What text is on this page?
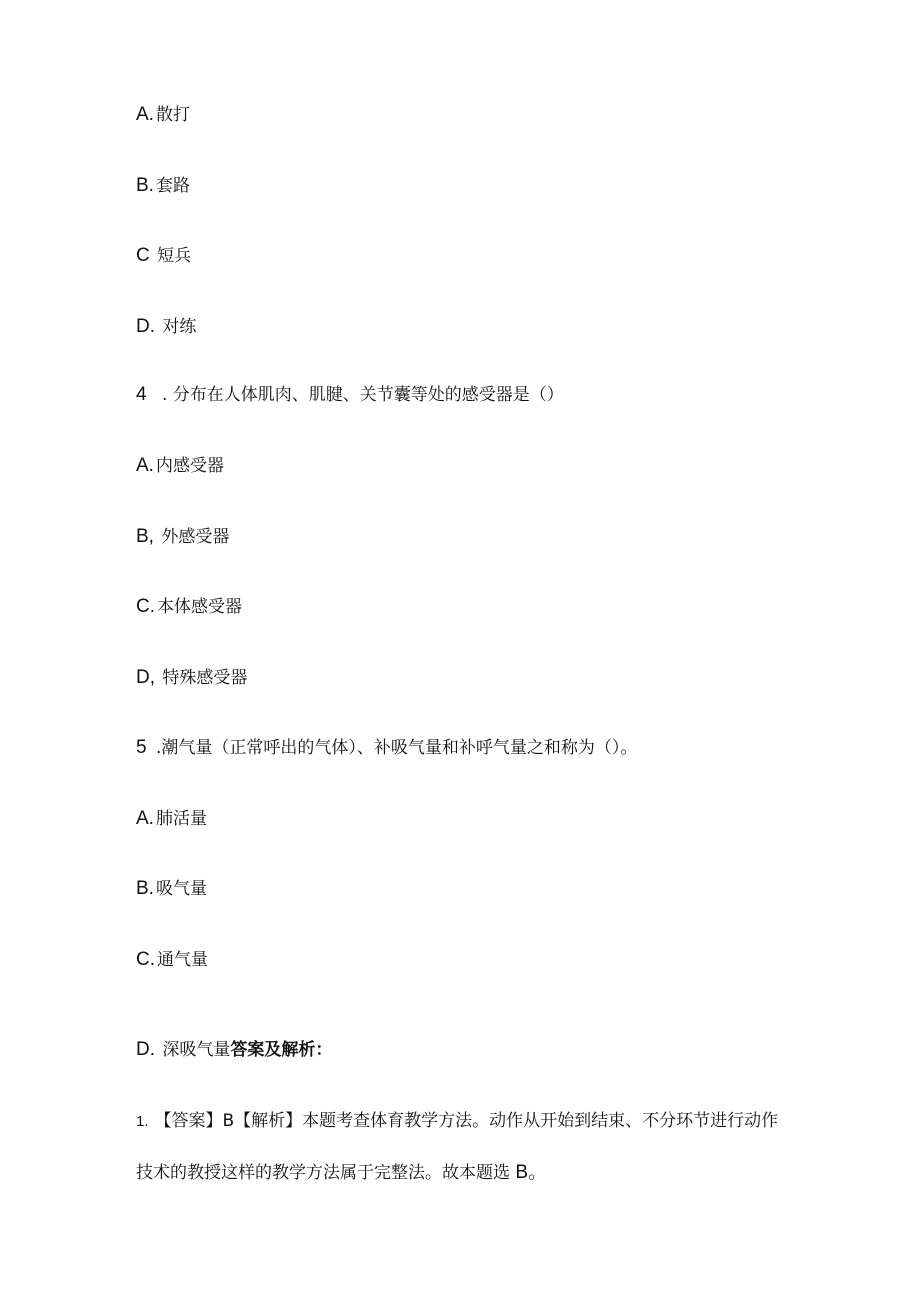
A. 散打
B. 套路
C 短兵
D. 对练
4 . 分布在人体肌肉、肌腱、关节囊等处的感受器是（）
A. 内感受器
B, 外感受器
C. 本体感受器
D, 特殊感受器
5 .潮气量（正常呼出的气体）、补吸气量和补呼气量之和称为（）。
A. 肺活量
B. 吸气量
C. 通气量
D. 深吸气量答案及解析：
1. 【答案】B【解析】本题考查体育教学方法。动作从开始到结束、不分环节进行动作
技术的教授这样的教学方法属于完整法。故本题选 B。
